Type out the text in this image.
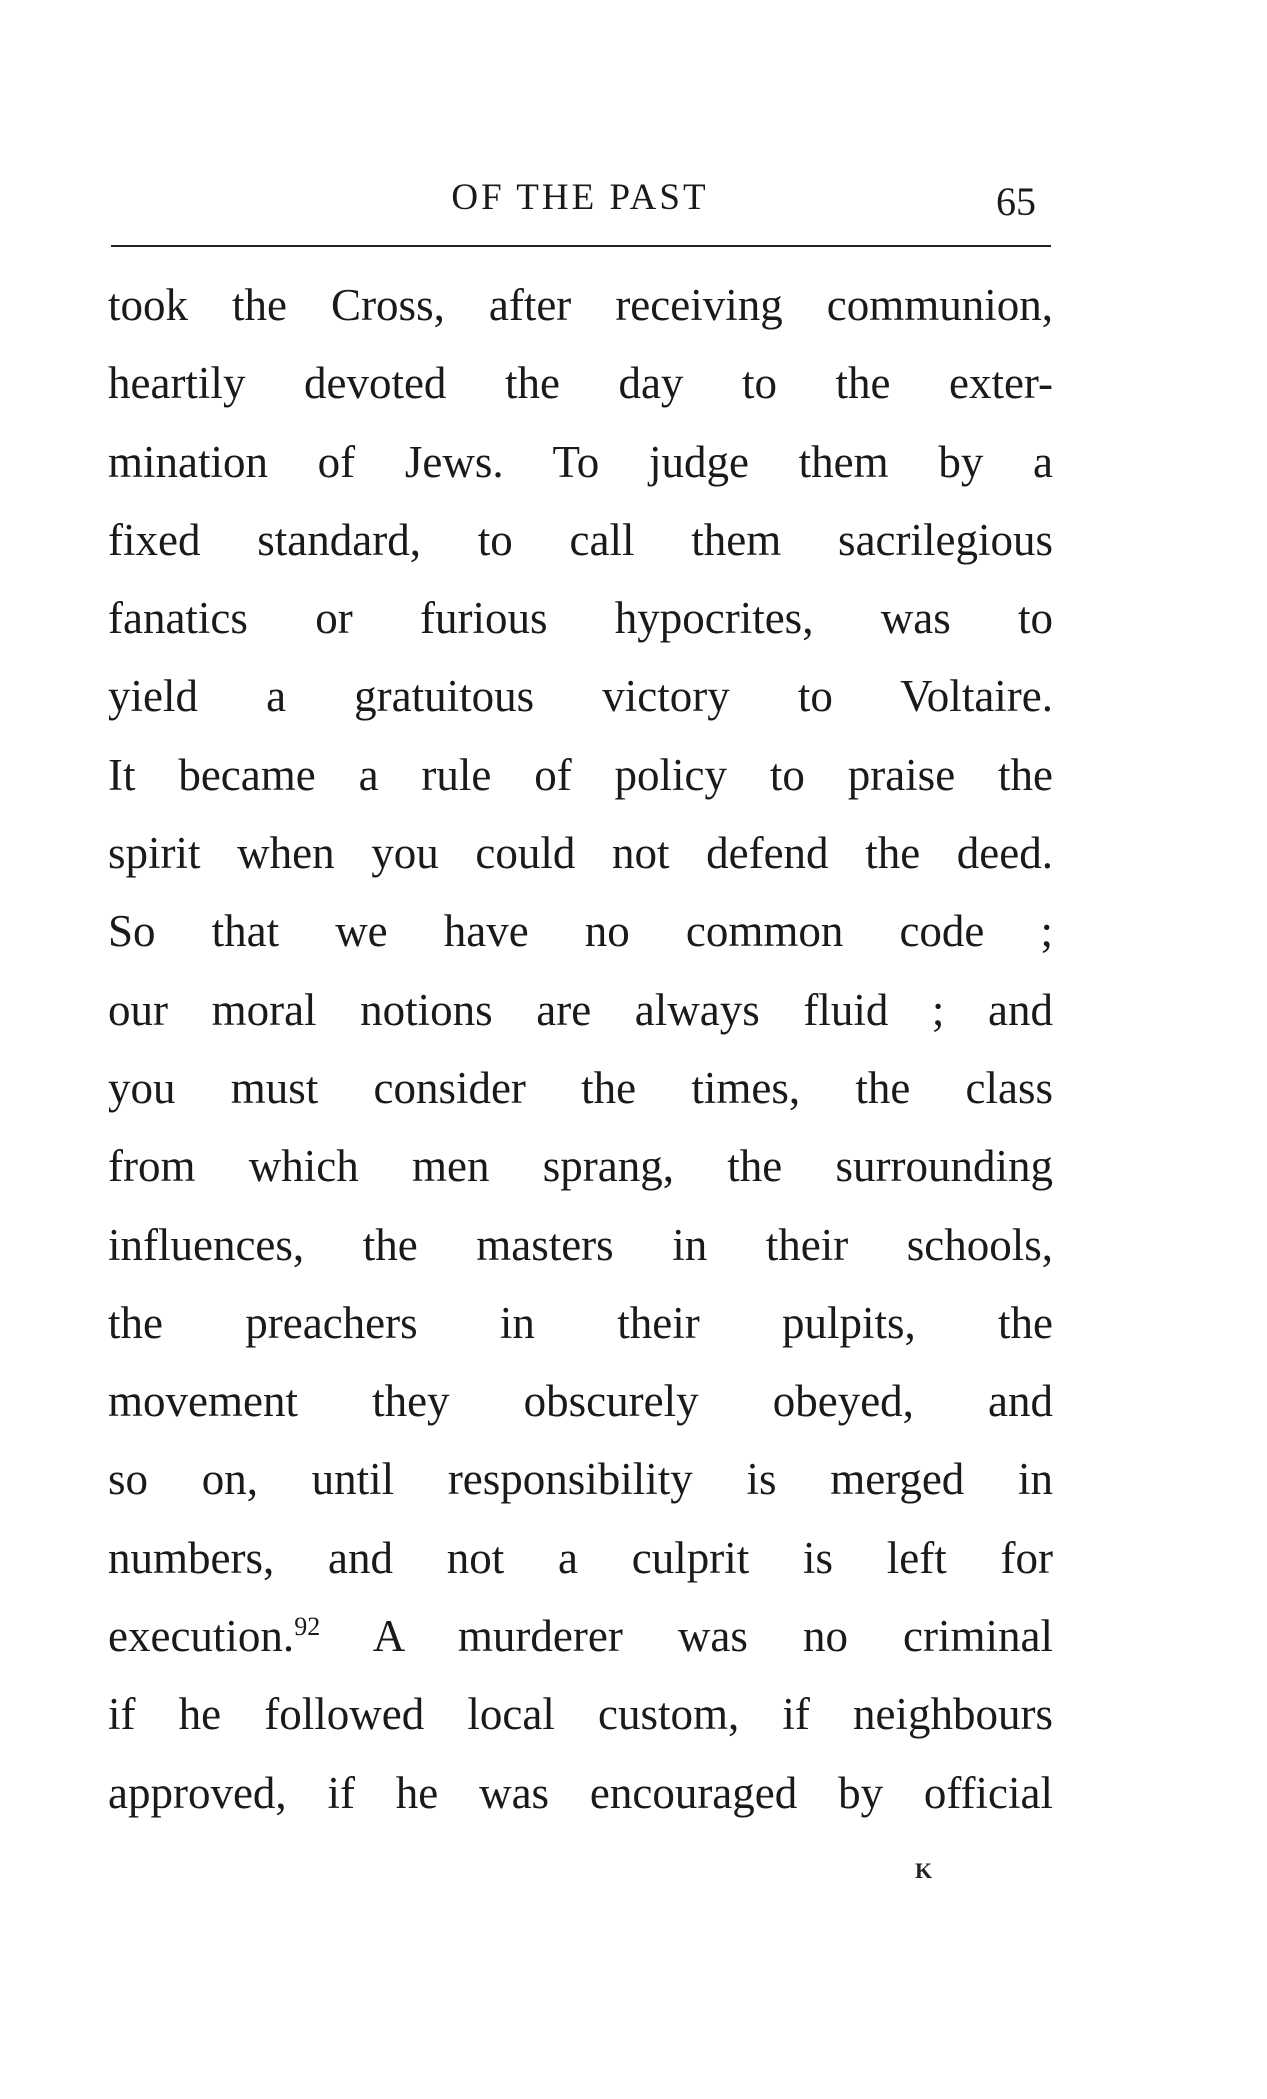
OF THE PAST	65
took the Cross, after receiving communion,
heartily devoted the day to the exter-
mination of Jews. To judge them by a
fixed standard, to call them sacrilegious
fanatics or furious hypocrites, was to
yield a gratuitous victory to Voltaire.
It became a rule of policy to praise the
spirit when you could not defend the deed.
So that we have no common code ;
our moral notions are always fluid ; and
you must consider the times, the class
from which men sprang, the surrounding
influences, the masters in their schools,
the preachers in their pulpits, the
movement they obscurely obeyed, and
so on, until responsibility is merged in
numbers, and not a culprit is left for
execution.$^{92}$ A murderer was no criminal
if he followed local custom, if neighbours
approved, if he was encouraged by official
K
